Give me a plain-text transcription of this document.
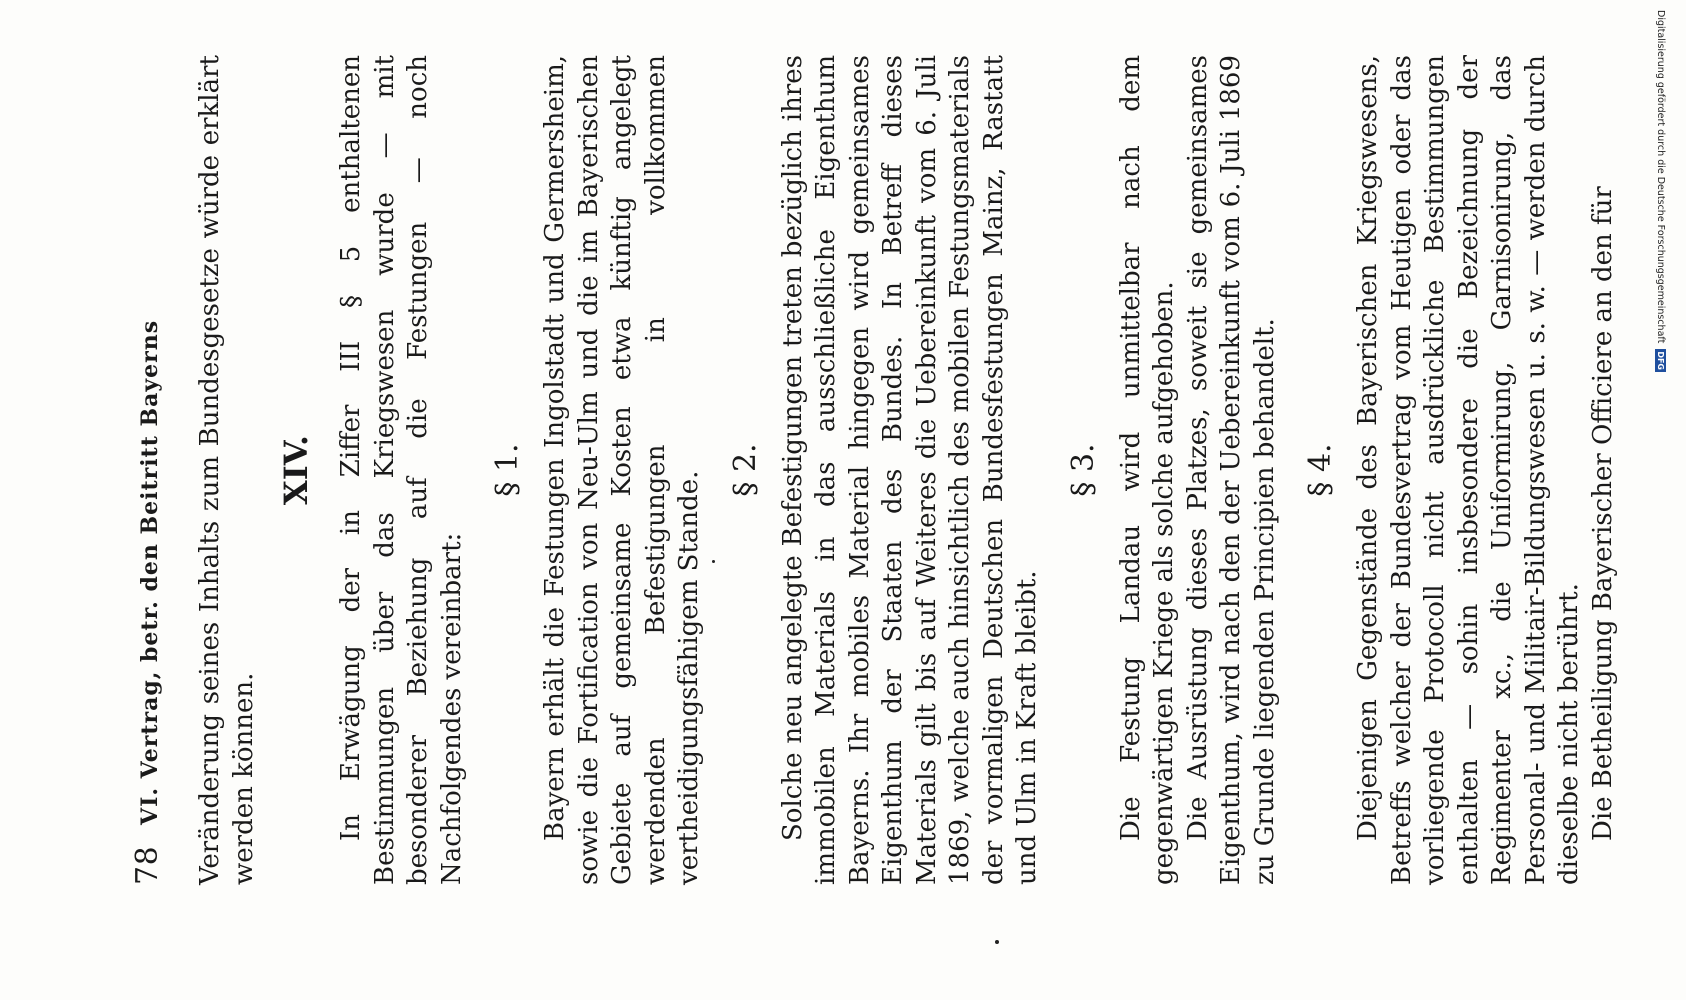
78
VI. Vertrag, betr. den Beitritt Bayerns Veränderung seines Inhalts zum Bundesgesetze würde erklärt werden können.

XIV. In Erwägung der in Ziffer III § 5 enthaltenen Bestimmungen über das Kriegswesen wurde — mit besonderer Beziehung auf die Festungen — noch Nachfolgendes vereinbart:

§ 1. Bayern erhält die Festungen Ingolstadt und Germersheim, sowie die Fortification von Neu-Ulm und die im Bayerischen Gebiete auf gemeinsame Kosten etwa künftig angelegt werdenden Befestigungen in vollkommen vertheidigungsfähigem Stande.

§ 2. Solche neu angelegte Befestigungen treten bezüglich ihres immobilen Materials in das ausschließliche Eigenthum Bayerns. Ihr mobiles Material hingegen wird gemeinsames Eigenthum der Staaten des Bundes. In Betreff dieses Materials gilt bis auf Weiteres die Uebereinkunft vom 6. Juli 1869, welche auch hinsichtlich des mobilen Festungsmaterials der vormaligen Deutschen Bundesfestungen Mainz, Rastatt und Ulm in Kraft bleibt.

§ 3. Die Festung Landau wird unmittelbar nach dem gegenwärtigen Kriege als solche aufgehoben. Die Ausrüstung dieses Platzes, soweit sie gemeinsames Eigenthum, wird nach den der Uebereinkunft vom 6. Juli 1869 zu Grunde liegenden Principien behandelt. § 4. Diejenigen Gegenstände des Bayerischen Kriegswesens, Betreffs welcher der Bundesvertrag vom Heutigen oder das vorliegende Protocoll nicht ausdrückliche Bestimmungen enthalten — sohin insbesondere die Bezeichnung der Regimenter xc., die Uniformirung, Garnisonirung, das Personal- und Militair-Bildungswesen u. s. w. — werden durch dieselbe nicht berührt. Die Betheiligung Bayerischer Officiere an den für

Digitalisierung gefördert durch die Deutsche Forschungsgemeinschaft
DFG
